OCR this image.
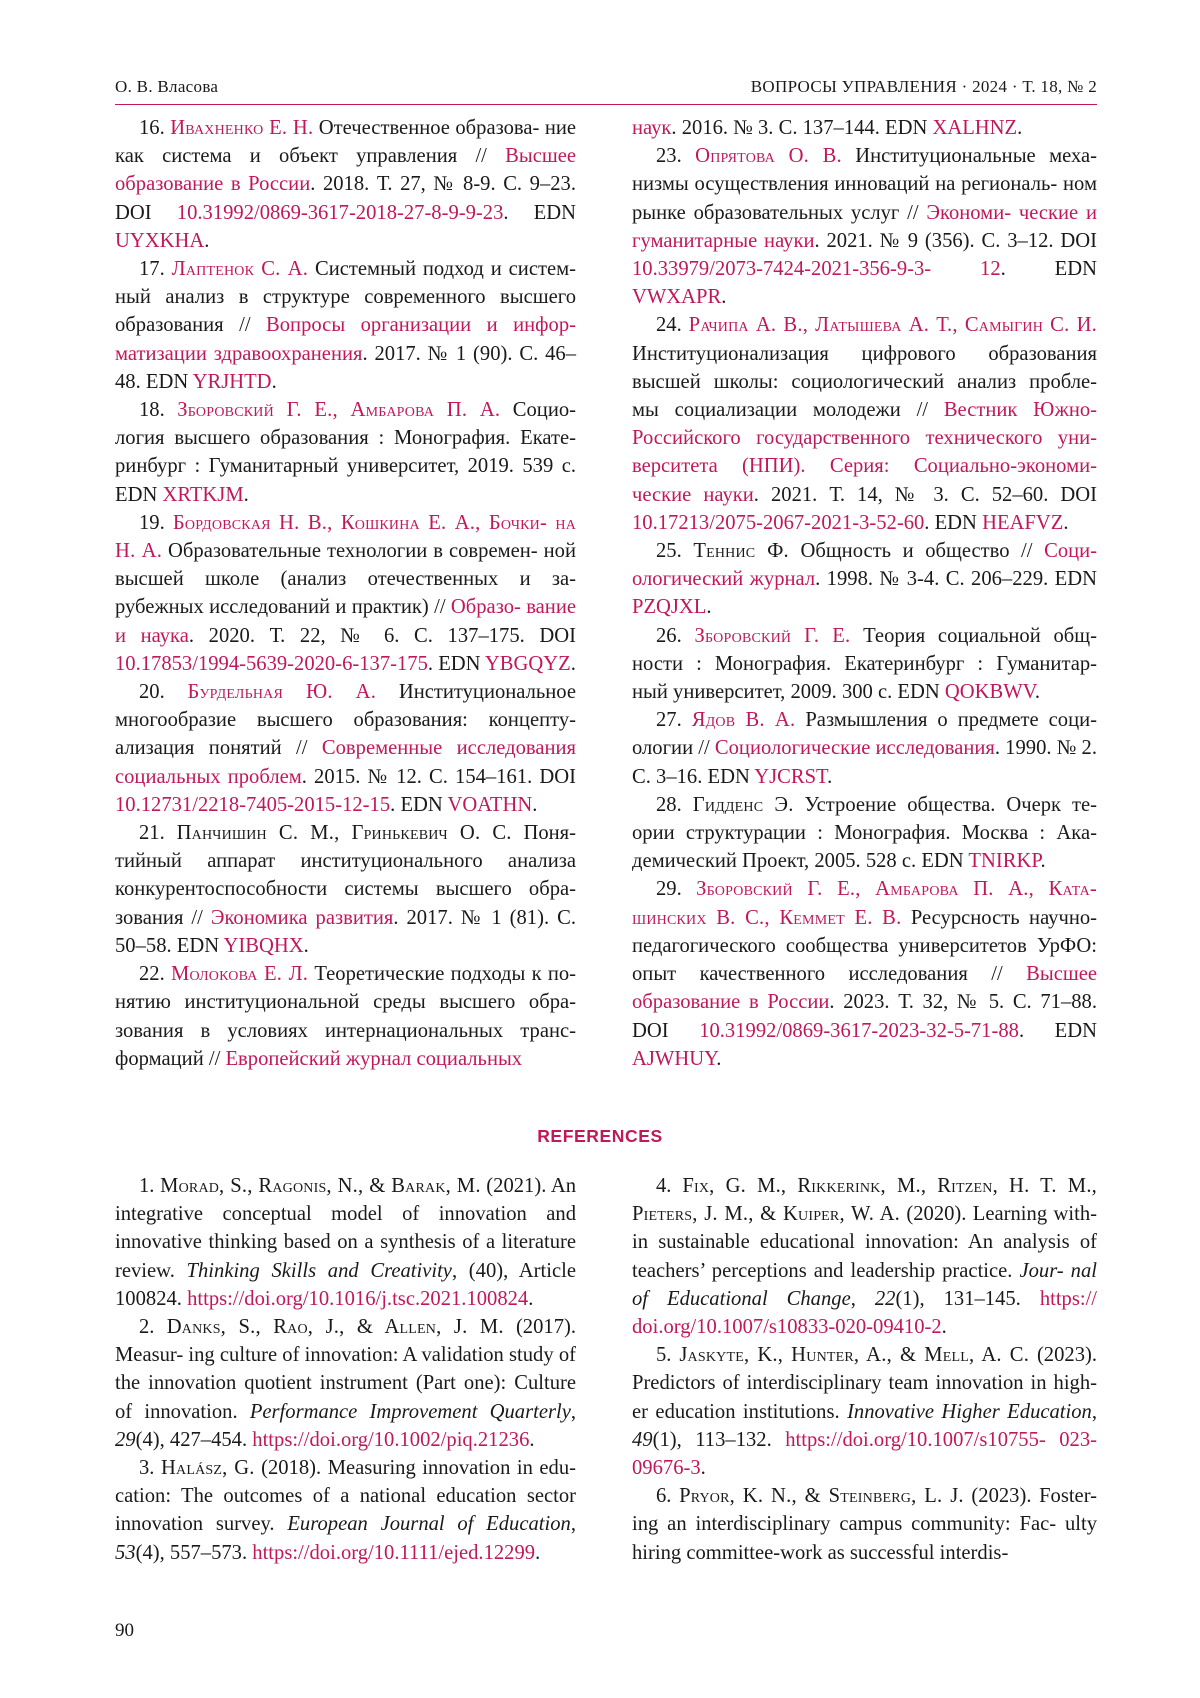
О. В. Власова	ВОПРОСЫ УПРАВЛЕНИЯ · 2024 · Т. 18, № 2

16. Ивахненко Е. Н. Отечественное образова- ние как система и объект управления // Высшее образование в России. 2018. Т. 27, № 8-9. С. 9–23. DOI 10.31992/0869-3617-2018-27-8-9-9-23. EDN UYXKHA.

17. Лаптенок С. А. Системный подход и систем- ный анализ в структуре современного высшего образования // Вопросы организации и инфор- матизации здравоохранения. 2017. № 1 (90). С. 46– 48. EDN YRJHTD.

18. Зборовский Г. Е., Амбарова П. А. Социо- логия высшего образования : Монография. Екате- ринбург : Гуманитарный университет, 2019. 539 с. EDN XRTKJM.

19. Бордовская Н. В., Кошкина Е. А., Бочки- на Н. А. Образовательные технологии в современ- ной высшей школе (анализ отечественных и за- рубежных исследований и практик) // Образо- вание и наука. 2020. Т. 22, № 6. С. 137–175. DOI 10.17853/1994-5639-2020-6-137-175. EDN YBGQYZ.

20. Бурдельная Ю. А. Институциональное многообразие высшего образования: концепту- ализация понятий // Современные исследования социальных проблем. 2015. № 12. С. 154–161. DOI 10.12731/2218-7405-2015-12-15. EDN VOATHN.

21. Панчишин С. М., Гринькевич О. С. Поня- тийный аппарат институционального анализа конкурентоспособности системы высшего обра- зования // Экономика развития. 2017. № 1 (81). С. 50–58. EDN YIBQHX.

22. Молокова Е. Л. Теоретические подходы к по- нятию институциональной среды высшего обра- зования в условиях интернациональных транс- формаций // Европейский журнал социальных

наук. 2016. № 3. С. 137–144. EDN XALHNZ.

23. Опрятова О. В. Институциональные меха- низмы осуществления инноваций на региональ- ном рынке образовательных услуг // Экономи- ческие и гуманитарные науки. 2021. № 9 (356). С. 3–12. DOI 10.33979/2073-7424-2021-356-9-3- 12. EDN VWXAPR.

24. Рачипа А. В., Латышева А. Т., Самыгин С. И. Институционализация цифрового образования высшей школы: социологический анализ пробле- мы социализации молодежи // Вестник Южно- Российского государственного технического уни- верситета (НПИ). Серия: Социально-экономи- ческие науки. 2021. Т. 14, № 3. С. 52–60. DOI 10.17213/2075-2067-2021-3-52-60. EDN HEAFVZ.

25. Теннис Ф. Общность и общество // Соци- ологический журнал. 1998. № 3-4. С. 206–229. EDN PZQJXL.

26. Зборовский Г. Е. Теория социальной общ- ности : Монография. Екатеринбург : Гуманитар- ный университет, 2009. 300 с. EDN QOKBWV.

27. Ядов В. А. Размышления о предмете соци- ологии // Социологические исследования. 1990. № 2. С. 3–16. EDN YJCRST.

28. Гидденс Э. Устроение общества. Очерк те- ории структурации : Монография. Москва : Ака- демический Проект, 2005. 528 с. EDN TNIRKP.

29. Зборовский Г. Е., Амбарова П. А., Ката- шинских В. С., Кеммет Е. В. Ресурсность научно- педагогического сообщества университетов УрФО: опыт качественного исследования // Высшее образование в России. 2023. Т. 32, № 5. С. 71–88. DOI 10.31992/0869-3617-2023-32-5-71-88. EDN AJWHUY.

REFERENCES

1. Morad, S., Ragonis, N., & Barak, M. (2021). An integrative conceptual model of innovation and innovative thinking based on a synthesis of a literature review. Thinking Skills and Creativity, (40), Article 100824. https://doi.org/10.1016/j.tsc.2021.100824.

2. Danks, S., Rao, J., & Allen, J. M. (2017). Measur- ing culture of innovation: A validation study of the innovation quotient instrument (Part one): Culture of innovation. Performance Improvement Quarterly, 29(4), 427–454. https://doi.org/10.1002/piq.21236.

3. Halász, G. (2018). Measuring innovation in edu- cation: The outcomes of a national education sector innovation survey. European Journal of Education, 53(4), 557–573. https://doi.org/10.1111/ejed.12299.

4. Fix, G. M., Rikkerink, M., Ritzen, H. T. M., Pieters, J. M., & Kuiper, W. A. (2020). Learning with- in sustainable educational innovation: An analysis of teachers’ perceptions and leadership practice. Jour- nal of Educational Change, 22(1), 131–145. https:// doi.org/10.1007/s10833-020-09410-2.

5. Jaskyte, K., Hunter, A., & Mell, A. C. (2023). Predictors of interdisciplinary team innovation in high- er education institutions. Innovative Higher Education, 49(1), 113–132. https://doi.org/10.1007/s10755- 023-09676-3.

6. Pryor, K. N., & Steinberg, L. J. (2023). Foster- ing an interdisciplinary campus community: Fac- ulty hiring committee-work as successful interdis-

90
